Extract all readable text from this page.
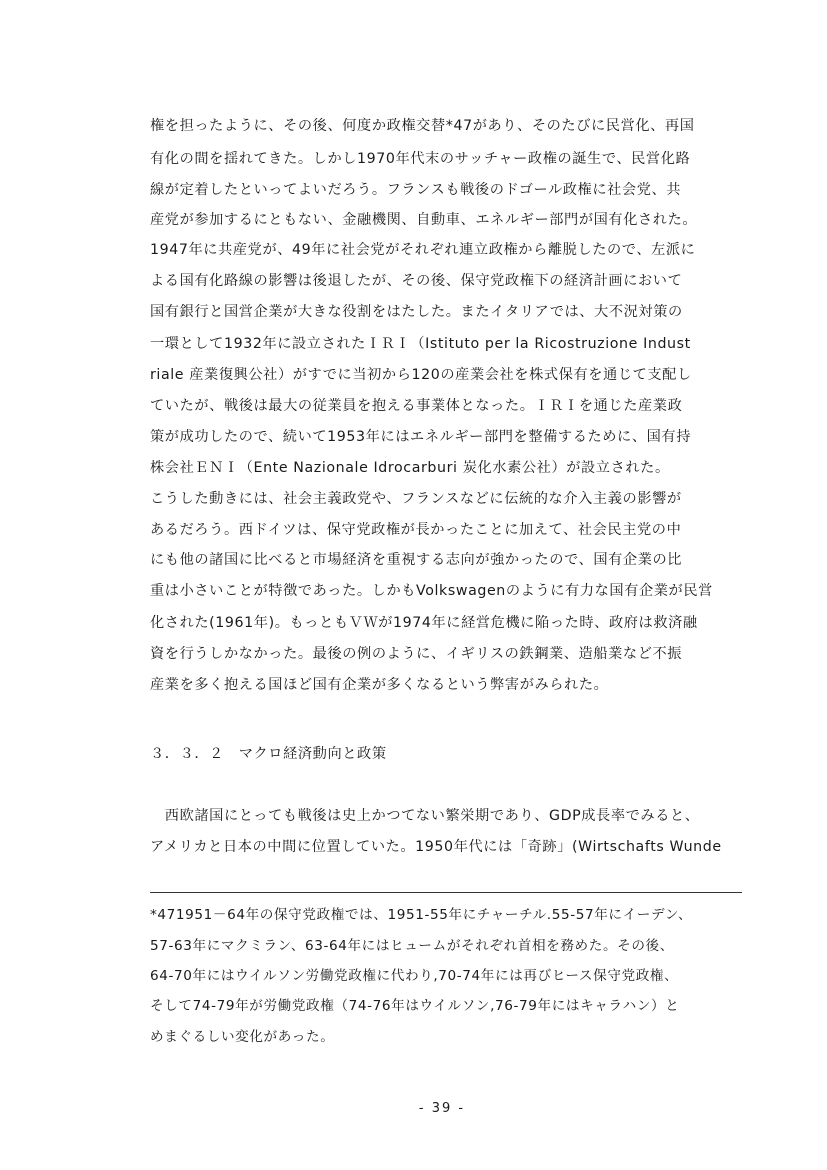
権を担ったように、その後、何度か政権交替*47があり、そのたびに民営化、再国
有化の間を揺れてきた。しかし1970年代末のサッチャー政権の誕生で、民営化路
線が定着したといってよいだろう。フランスも戦後のドゴール政権に社会党、共
産党が参加するにともない、金融機関、自動車、エネルギー部門が国有化された。
1947年に共産党が、49年に社会党がそれぞれ連立政権から離脱したので、左派に
よる国有化路線の影響は後退したが、その後、保守党政権下の経済計画において
国有銀行と国営企業が大きな役割をはたした。またイタリアでは、大不況対策の
一環として1932年に設立されたＩＲＩ（Istituto per la Ricostruzione Indust
riale 産業復興公社）がすでに当初から120の産業会社を株式保有を通じて支配し
ていたが、戦後は最大の従業員を抱える事業体となった。ＩＲＩを通じた産業政
策が成功したので、続いて1953年にはエネルギー部門を整備するために、国有持
株会社ＥＮＩ（Ente Nazionale Idrocarburi 炭化水素公社）が設立された。
こうした動きには、社会主義政党や、フランスなどに伝統的な介入主義の影響が
あるだろう。西ドイツは、保守党政権が長かったことに加えて、社会民主党の中
にも他の諸国に比べると市場経済を重視する志向が強かったので、国有企業の比
重は小さいことが特徴であった。しかもVolkswagenのように有力な国有企業が民営
化された(1961年)。もっともＶＷが1974年に経営危機に陥った時、政府は救済融
資を行うしかなかった。最後の例のように、イギリスの鉄鋼業、造船業など不振
産業を多く抱える国ほど国有企業が多くなるという弊害がみられた。
３．３．２　マクロ経済動向と政策
　西欧諸国にとっても戦後は史上かつてない繁栄期であり、GDP成長率でみると、
アメリカと日本の中間に位置していた。1950年代には「奇跡」(Wirtschafts Wunde
*471951－64年の保守党政権では、1951-55年にチャーチル.55-57年にイーデン、
57-63年にマクミラン、63-64年にはヒュームがそれぞれ首相を務めた。その後、
64-70年にはウイルソン労働党政権に代わり,70-74年には再びヒース保守党政権、
そして74-79年が労働党政権（74-76年はウイルソン,76-79年にはキャラハン）と
めまぐるしい変化があった。
- 39 -
